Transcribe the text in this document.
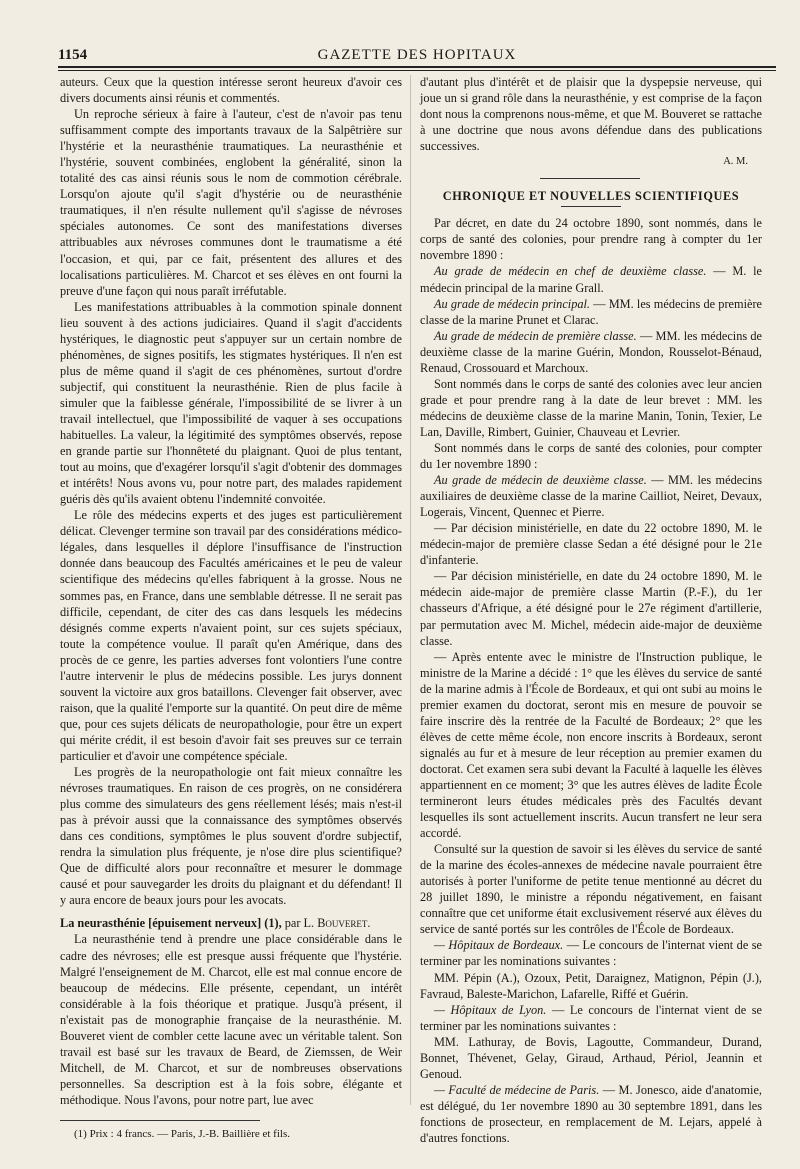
1154	GAZETTE DES HOPITAUX

auteurs. Ceux que la question intéresse seront heureux d'avoir ces divers documents ainsi réunis et commentés.

Un reproche sérieux à faire à l'auteur, c'est de n'avoir pas tenu suffisamment compte des importants travaux de la Salpêtrière sur l'hystérie et la neurasthénie traumatiques. La neurasthénie et l'hystérie, souvent combinées, englobent la généralité, sinon la totalité des cas ainsi réunis sous le nom de commotion cérébrale. Lorsqu'on ajoute qu'il s'agit d'hystérie ou de neurasthénie traumatiques, il n'en résulte nullement qu'il s'agisse de névroses spéciales autonomes. Ce sont des manifestations diverses attribuables aux névroses communes dont le traumatisme a été l'occasion, et qui, par ce fait, présentent des allures et des localisations particulières. M. Charcot et ses élèves en ont fourni la preuve d'une façon qui nous paraît irréfutable.

Les manifestations attribuables à la commotion spinale donnent lieu souvent à des actions judiciaires. Quand il s'agit d'accidents hystériques, le diagnostic peut s'appuyer sur un certain nombre de phénomènes, de signes positifs, les stigmates hystériques. Il n'en est plus de même quand il s'agit de ces phénomènes, surtout d'ordre subjectif, qui constituent la neurasthénie. Rien de plus facile à simuler que la faiblesse générale, l'impossibilité de se livrer à un travail intellectuel, que l'impossibilité de vaquer à ses occupations habituelles. La valeur, la légitimité des symptômes observés, repose en grande partie sur l'honnêteté du plaignant. Quoi de plus tentant, tout au moins, que d'exagérer lorsqu'il s'agit d'obtenir des dommages et intérêts! Nous avons vu, pour notre part, des malades rapidement guéris dès qu'ils avaient obtenu l'indemnité convoitée.

Le rôle des médecins experts et des juges est particulièrement délicat. Clevenger termine son travail par des considérations médico-légales, dans lesquelles il déplore l'insuffisance de l'instruction donnée dans beaucoup des Facultés américaines et le peu de valeur scientifique des médecins qu'elles fabriquent à la grosse. Nous ne sommes pas, en France, dans une semblable détresse. Il ne serait pas difficile, cependant, de citer des cas dans lesquels les médecins désignés comme experts n'avaient point, sur ces sujets spéciaux, toute la compétence voulue. Il paraît qu'en Amérique, dans des procès de ce genre, les parties adverses font volontiers l'une contre l'autre intervenir le plus de médecins possible. Les jurys donnent souvent la victoire aux gros bataillons. Clevenger fait observer, avec raison, que la qualité l'emporte sur la quantité. On peut dire de même que, pour ces sujets délicats de neuropathologie, pour être un expert qui mérite crédit, il est besoin d'avoir fait ses preuves sur ce terrain particulier et d'avoir une compétence spéciale.

Les progrès de la neuropathologie ont fait mieux connaître les névroses traumatiques. En raison de ces progrès, on ne considérera plus comme des simulateurs des gens réellement lésés; mais n'est-il pas à prévoir aussi que la connaissance des symptômes observés dans ces conditions, symptômes le plus souvent d'ordre subjectif, rendra la simulation plus fréquente, je n'ose dire plus scientifique? Que de difficulté alors pour reconnaître et mesurer le dommage causé et pour sauvegarder les droits du plaignant et du défendant! Il y aura encore de beaux jours pour les avocats.

La neurasthénie [épuisement nerveux] (1), par L. Bouveret.

La neurasthénie tend à prendre une place considérable dans le cadre des névroses; elle est presque aussi fréquente que l'hystérie. Malgré l'enseignement de M. Charcot, elle est mal connue encore de beaucoup de médecins. Elle présente, cependant, un intérêt considérable à la fois théorique et pratique. Jusqu'à présent, il n'existait pas de monographie française de la neurasthénie. M. Bouveret vient de combler cette lacune avec un véritable talent. Son travail est basé sur les travaux de Beard, de Ziemssen, de Weir Mitchell, de M. Charcot, et sur de nombreuses observations personnelles. Sa description est à la fois sobre, élégante et méthodique. Nous l'avons, pour notre part, lue avec

(1) Prix : 4 francs. — Paris, J.-B. Baillière et fils.

d'autant plus d'intérêt et de plaisir que la dyspepsie nerveuse, qui joue un si grand rôle dans la neurasthénie, y est comprise de la façon dont nous la comprenons nous-même, et que M. Bouveret se rattache à une doctrine que nous avons défendue dans des publications successives.

A. M.
CHRONIQUE ET NOUVELLES SCIENTIFIQUES

Par décret, en date du 24 octobre 1890, sont nommés, dans le corps de santé des colonies, pour prendre rang à compter du 1er novembre 1890 :

Au grade de médecin en chef de deuxième classe. — M. le médecin principal de la marine Grall.

Au grade de médecin principal. — MM. les médecins de première classe de la marine Prunet et Clarac.

Au grade de médecin de première classe. — MM. les médecins de deuxième classe de la marine Guérin, Mondon, Rousselot-Bénaud, Renaud, Crossouard et Marchoux.

Sont nommés dans le corps de santé des colonies avec leur ancien grade et pour prendre rang à la date de leur brevet : MM. les médecins de deuxième classe de la marine Manin, Tonin, Texier, Le Lan, Daville, Rimbert, Guinier, Chauveau et Levrier.

Sont nommés dans le corps de santé des colonies, pour compter du 1er novembre 1890 :

Au grade de médecin de deuxième classe. — MM. les médecins auxiliaires de deuxième classe de la marine Cailliot, Neiret, Devaux, Logerais, Vincent, Quennec et Pierre.

— Par décision ministérielle, en date du 22 octobre 1890, M. le médecin-major de première classe Sedan a été désigné pour le 21e d'infanterie.

— Par décision ministérielle, en date du 24 octobre 1890, M. le médecin aide-major de première classe Martin (P.-F.), du 1er chasseurs d'Afrique, a été désigné pour le 27e régiment d'artillerie, par permutation avec M. Michel, médecin aide-major de deuxième classe.

— Après entente avec le ministre de l'Instruction publique, le ministre de la Marine a décidé : 1° que les élèves du service de santé de la marine admis à l'École de Bordeaux, et qui ont subi au moins le premier examen du doctorat, seront mis en mesure de pouvoir se faire inscrire dès la rentrée de la Faculté de Bordeaux; 2° que les élèves de cette même école, non encore inscrits à Bordeaux, seront signalés au fur et à mesure de leur réception au premier examen du doctorat. Cet examen sera subi devant la Faculté à laquelle les élèves appartiennent en ce moment; 3° que les autres élèves de ladite École termineront leurs études médicales près des Facultés devant lesquelles ils sont actuellement inscrits. Aucun transfert ne leur sera accordé.

Consulté sur la question de savoir si les élèves du service de santé de la marine des écoles-annexes de médecine navale pourraient être autorisés à porter l'uniforme de petite tenue mentionné au décret du 28 juillet 1890, le ministre a répondu négativement, en faisant connaître que cet uniforme était exclusivement réservé aux élèves du service de santé portés sur les contrôles de l'École de Bordeaux.

— Hôpitaux de Bordeaux. — Le concours de l'internat vient de se terminer par les nominations suivantes :

MM. Pépin (A.), Ozoux, Petit, Daraignez, Matignon, Pépin (J.), Favraud, Baleste-Marichon, Lafarelle, Riffé et Guérin.

— Hôpitaux de Lyon. — Le concours de l'internat vient de se terminer par les nominations suivantes :

MM. Lathuray, de Bovis, Lagoutte, Commandeur, Durand, Bonnet, Thévenet, Gelay, Giraud, Arthaud, Périol, Jeannin et Genoud.

— Faculté de médecine de Paris. — M. Jonesco, aide d'anatomie, est délégué, du 1er novembre 1890 au 30 septembre 1891, dans les fonctions de prosecteur, en remplacement de M. Lejars, appelé à d'autres fonctions.
